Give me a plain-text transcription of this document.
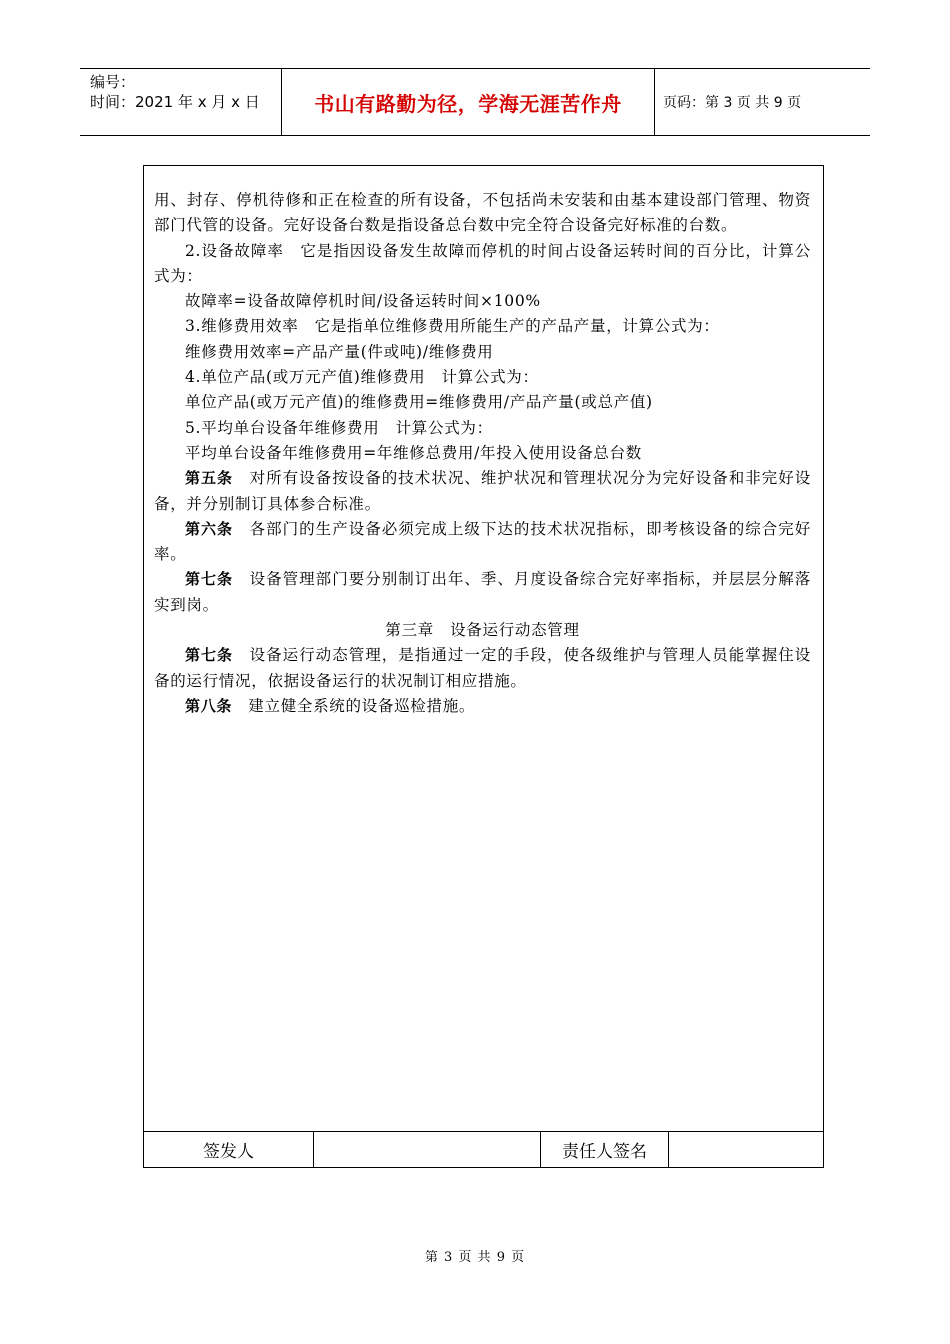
编号：
时间：2021 年 x 月 x 日	书山有路勤为径，学海无涯苦作舟	页码：第 3 页 共 9 页

用、封存、停机待修和正在检查的所有设备，不包括尚未安装和由基本建设部门管理、物资部门代管的设备。完好设备台数是指设备总台数中完全符合设备完好标准的台数。

2.设备故障率　它是指因设备发生故障而停机的时间占设备运转时间的百分比，计算公式为：

故障率=设备故障停机时间/设备运转时间×100%

3.维修费用效率　它是指单位维修费用所能生产的产品产量，计算公式为：

维修费用效率=产品产量(件或吨)/维修费用

4.单位产品(或万元产值)维修费用　计算公式为：

单位产品(或万元产值)的维修费用=维修费用/产品产量(或总产值)

5.平均单台设备年维修费用　计算公式为：

平均单台设备年维修费用=年维修总费用/年投入使用设备总台数

第五条　对所有设备按设备的技术状况、维护状况和管理状况分为完好设备和非完好设备，并分别制订具体参合标准。

第六条　各部门的生产设备必须完成上级下达的技术状况指标，即考核设备的综合完好率。

第七条　设备管理部门要分别制订出年、季、月度设备综合完好率指标，并层层分解落实到岗。

第三章　设备运行动态管理

第七条　设备运行动态管理，是指通过一定的手段，使各级维护与管理人员能掌握住设备的运行情况，依据设备运行的状况制订相应措施。

第八条　建立健全系统的设备巡检措施。

签发人	责任人签名
第 3 页 共 9 页
